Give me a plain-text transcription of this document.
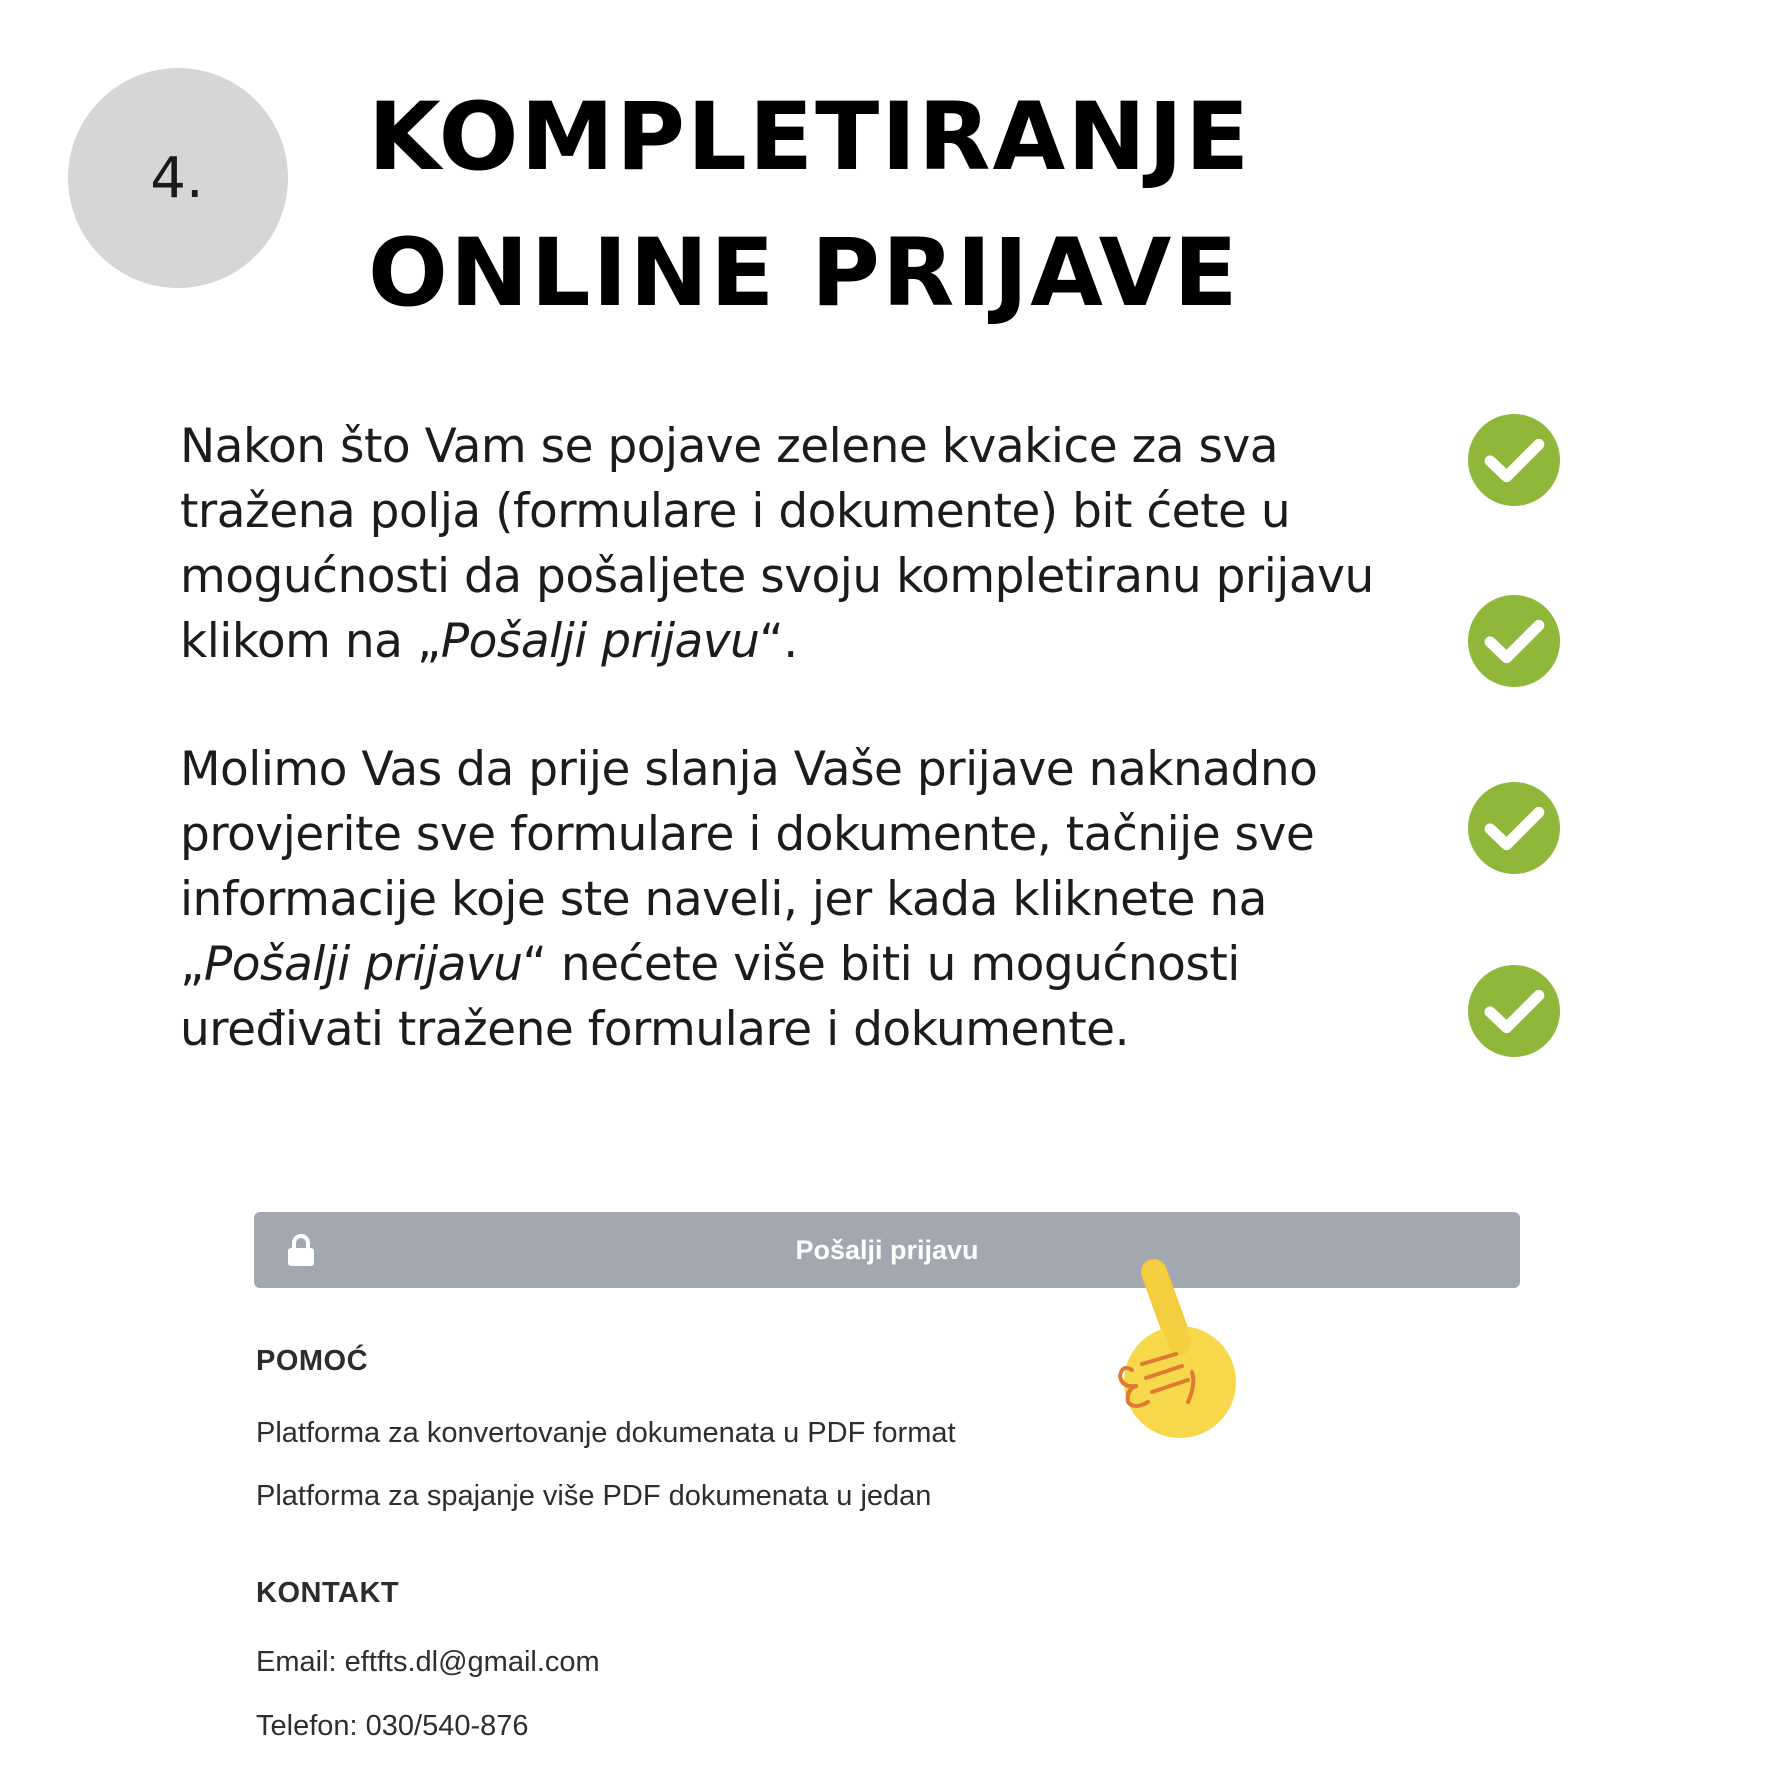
4. KOMPLETIRANJE ONLINE PRIJAVE

Nakon što Vam se pojave zelene kvakice za sva tražena polja (formulare i dokumente) bit ćete u mogućnosti da pošaljete svoju kompletiranu prijavu klikom na „Pošalji prijavu“.

Molimo Vas da prije slanja Vaše prijave naknadno provjerite sve formulare i dokumente, tačnije sve informacije koje ste naveli, jer kada kliknete na „Pošalji prijavu“ nećete više biti u mogućnosti uređivati tražene formulare i dokumente.

Pošalji prijavu
POMOĆ
Platforma za konvertovanje dokumenata u PDF format
Platforma za spajanje više PDF dokumenata u jedan
KONTAKT

Email: eftfts.dl@gmail.com

Telefon: 030/540-876
